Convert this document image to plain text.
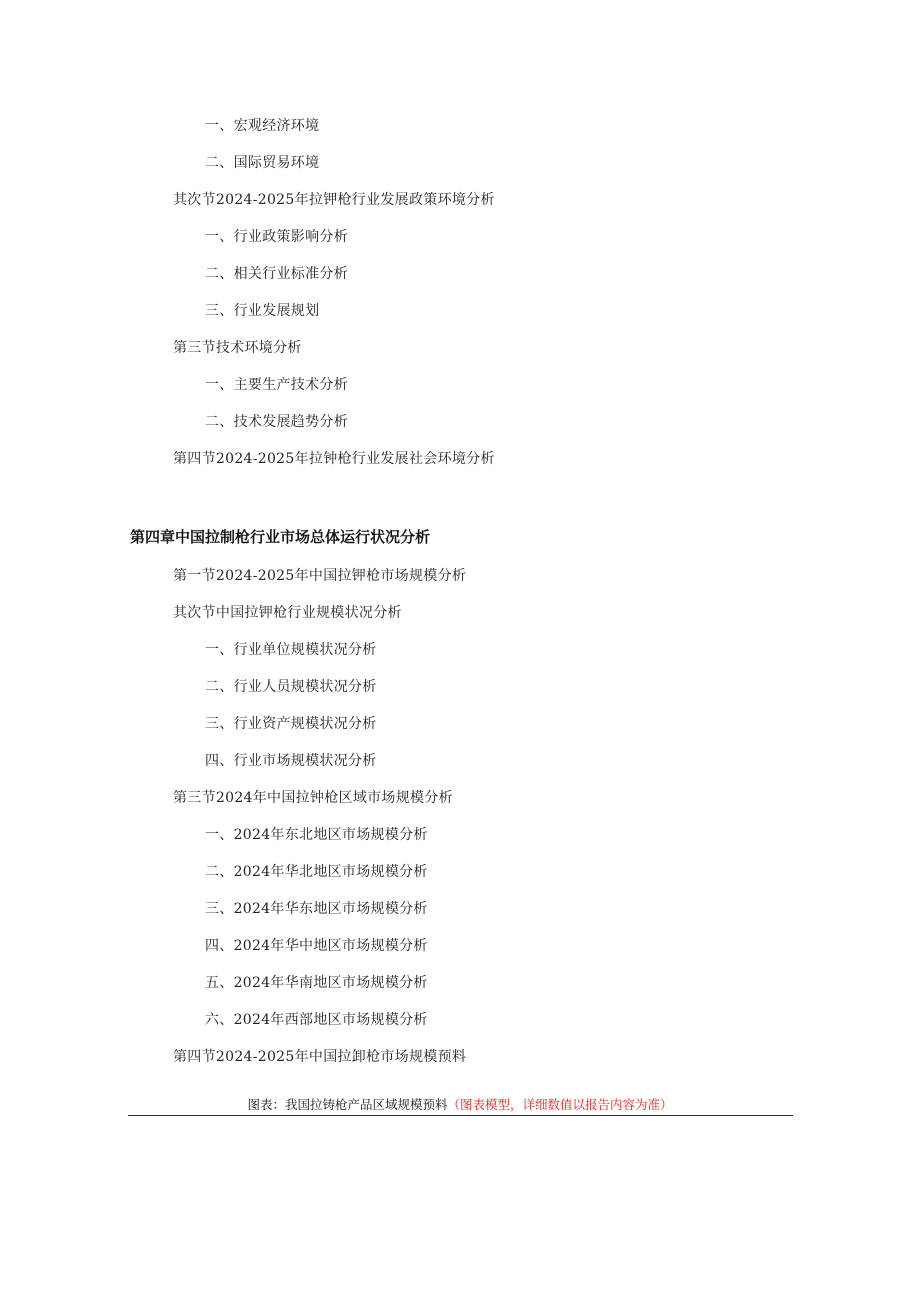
一、宏观经济环境
二、国际贸易环境
其次节2024-2025年拉钾枪行业发展政策环境分析
一、行业政策影响分析
二、相关行业标准分析
三、行业发展规划
第三节技术环境分析
一、主要生产技术分析
二、技术发展趋势分析
第四节2024-2025年拉钟枪行业发展社会环境分析
第四章中国拉制枪行业市场总体运行状况分析
第一节2024-2025年中国拉钾枪市场规模分析
其次节中国拉钾枪行业规模状况分析
一、行业单位规模状况分析
二、行业人员规模状况分析
三、行业资产规模状况分析
四、行业市场规模状况分析
第三节2024年中国拉钟枪区域市场规模分析
一、2024年东北地区市场规模分析
二、2024年华北地区市场规模分析
三、2024年华东地区市场规模分析
四、2024年华中地区市场规模分析
五、2024年华南地区市场规模分析
六、2024年西部地区市场规模分析
第四节2024-2025年中国拉卸枪市场规模预料
图表：我国拉铸枪产品区域规模预料（图表模型，详细数值以报告内容为准）
